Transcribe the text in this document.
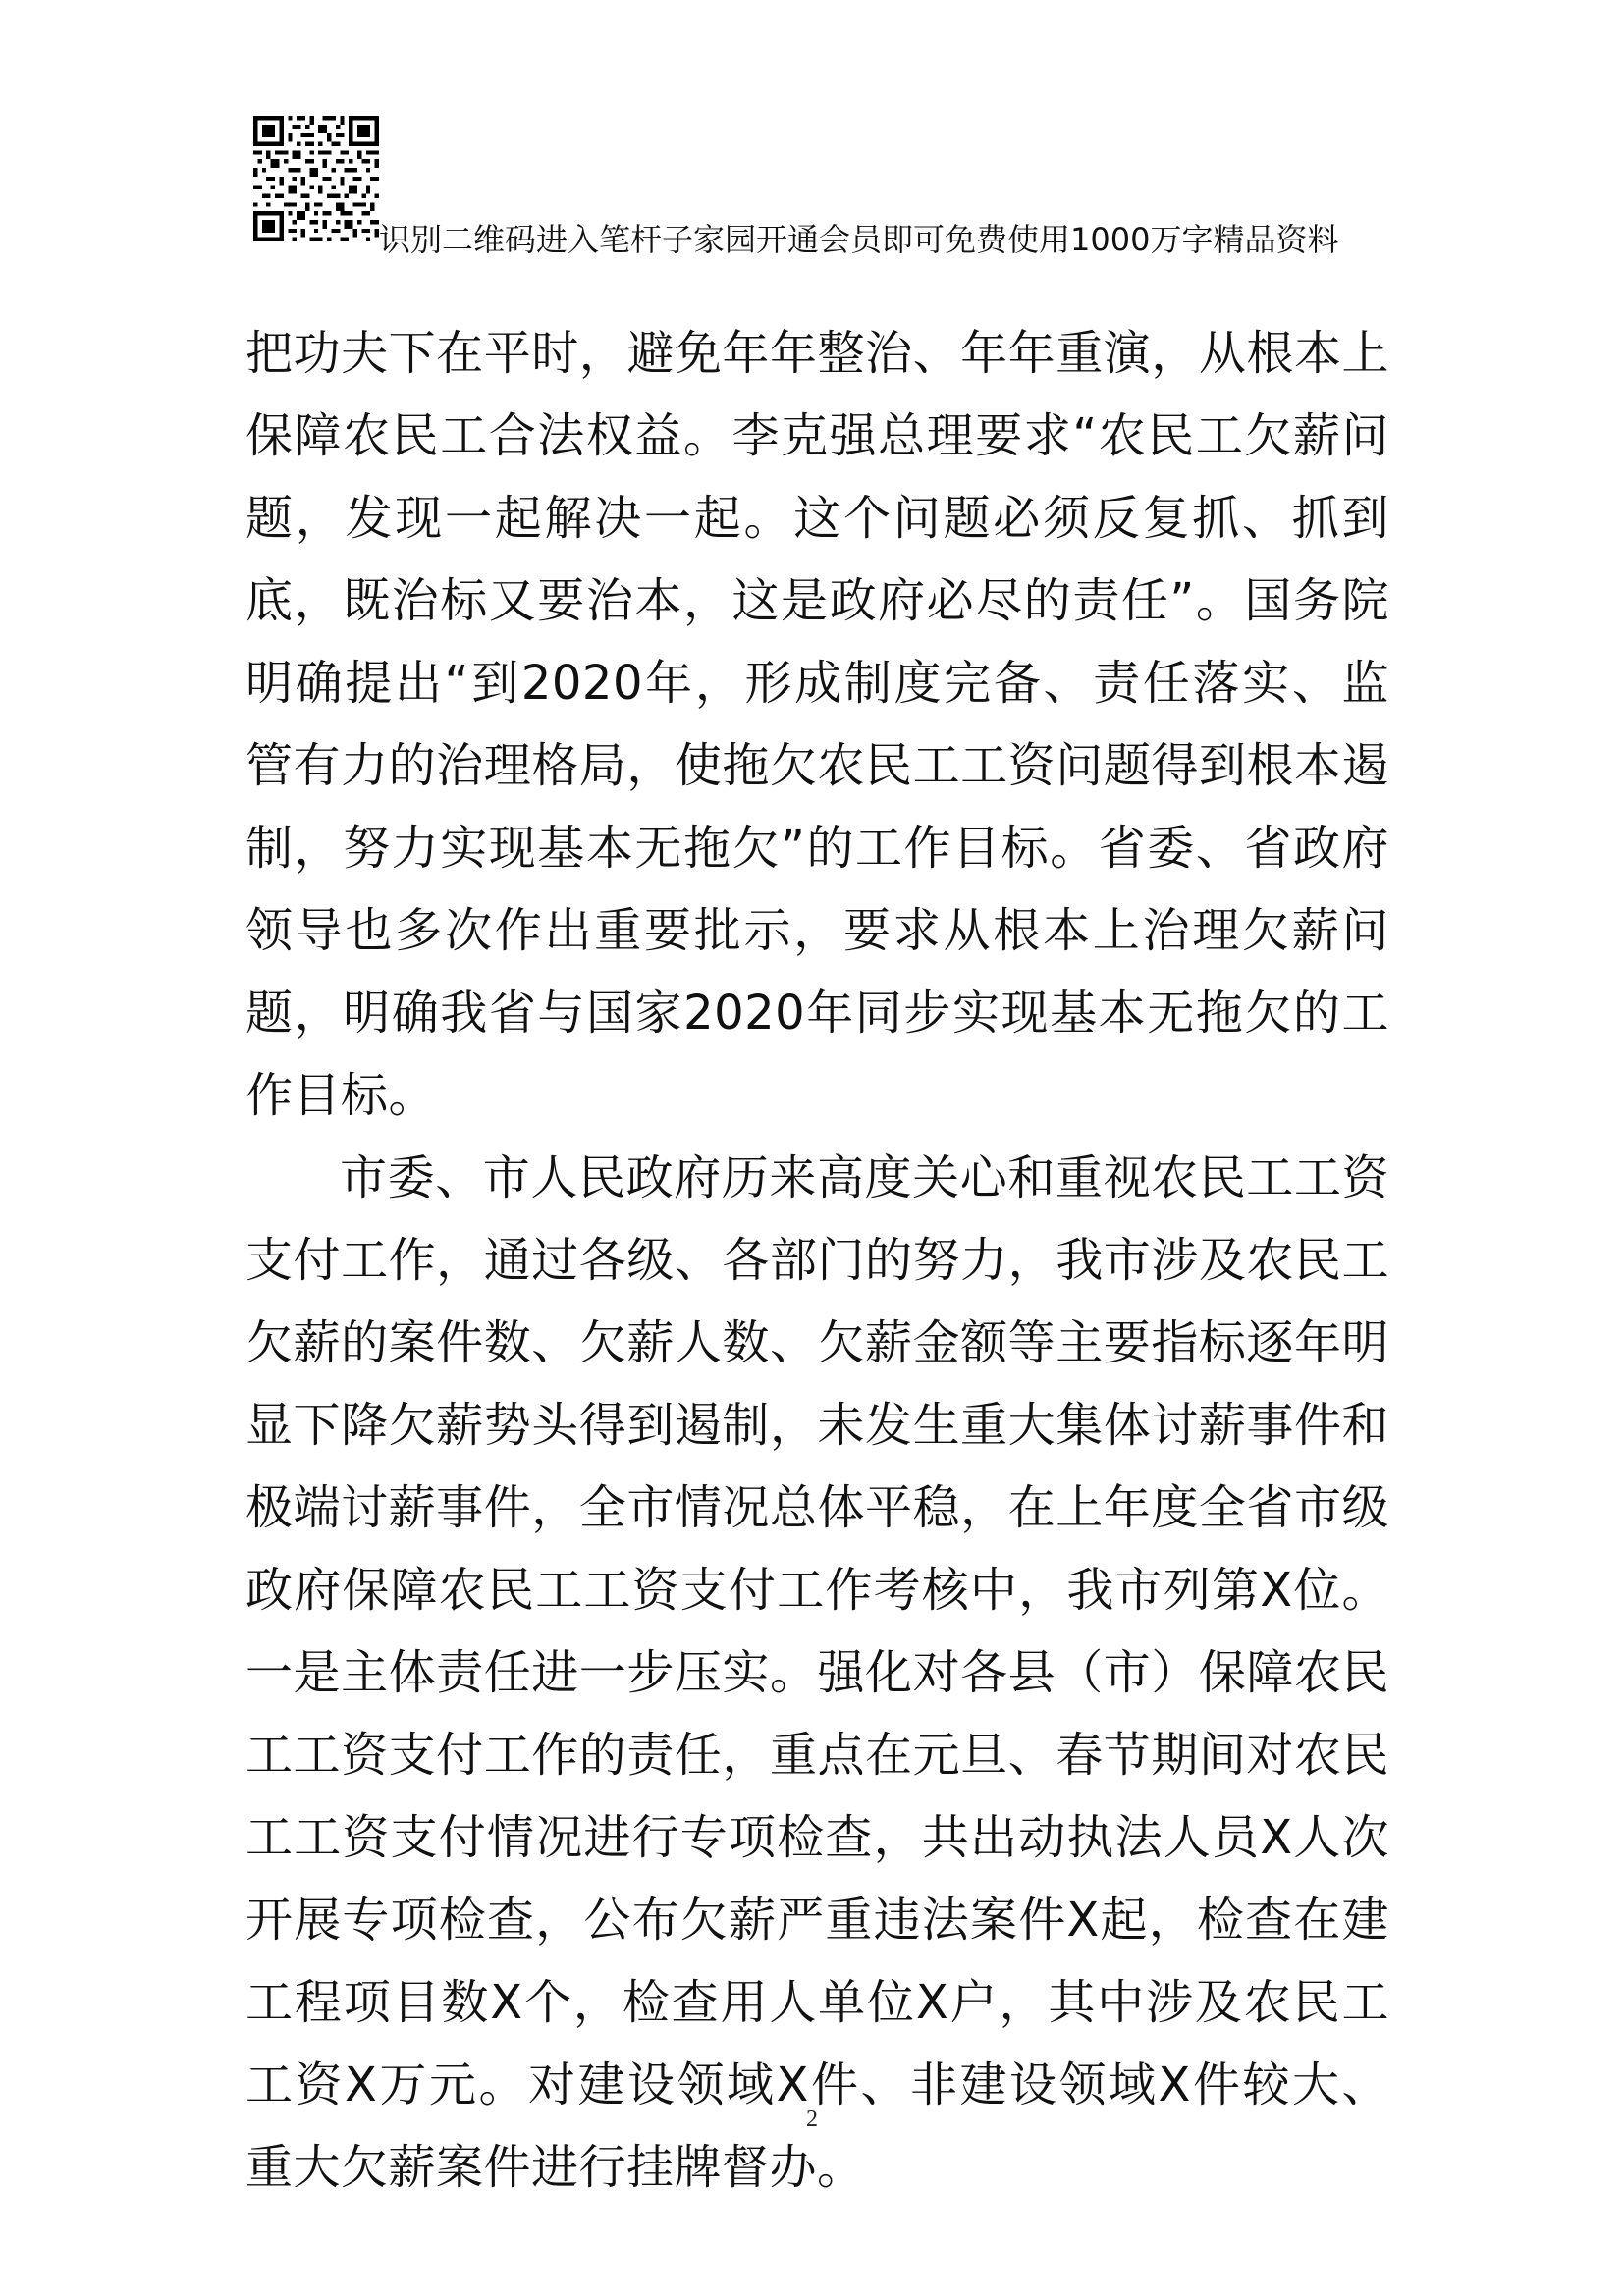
识别二维码进入笔杆子家园开通会员即可免费使用1000万字精品资料

把功夫下在平时，避免年年整治、年年重演，从根本上保障农民工合法权益。李克强总理要求“农民工欠薪问题，发现一起解决一起。这个问题必须反复抓、抓到底，既治标又要治本，这是政府必尽的责任”。国务院明确提出“到2020年，形成制度完备、责任落实、监管有力的治理格局，使拖欠农民工工资问题得到根本遏制，努力实现基本无拖欠”的工作目标。省委、省政府领导也多次作出重要批示，要求从根本上治理欠薪问题，明确我省与国家2020年同步实现基本无拖欠的工作目标。

市委、市人民政府历来高度关心和重视农民工工资支付工作，通过各级、各部门的努力，我市涉及农民工欠薪的案件数、欠薪人数、欠薪金额等主要指标逐年明显下降欠薪势头得到遏制，未发生重大集体讨薪事件和极端讨薪事件，全市情况总体平稳，在上年度全省市级政府保障农民工工资支付工作考核中，我市列第X位。一是主体责任进一步压实。强化对各县（市）保障农民工工资支付工作的责任，重点在元旦、春节期间对农民工工资支付情况进行专项检查，共出动执法人员X人次开展专项检查，公布欠薪严重违法案件X起，检查在建工程项目数X个，检查用人单位X户，其中涉及农民工工资X万元。对建设领域X件、非建设领域X件较大、重大欠薪案件进行挂牌督办。

2
